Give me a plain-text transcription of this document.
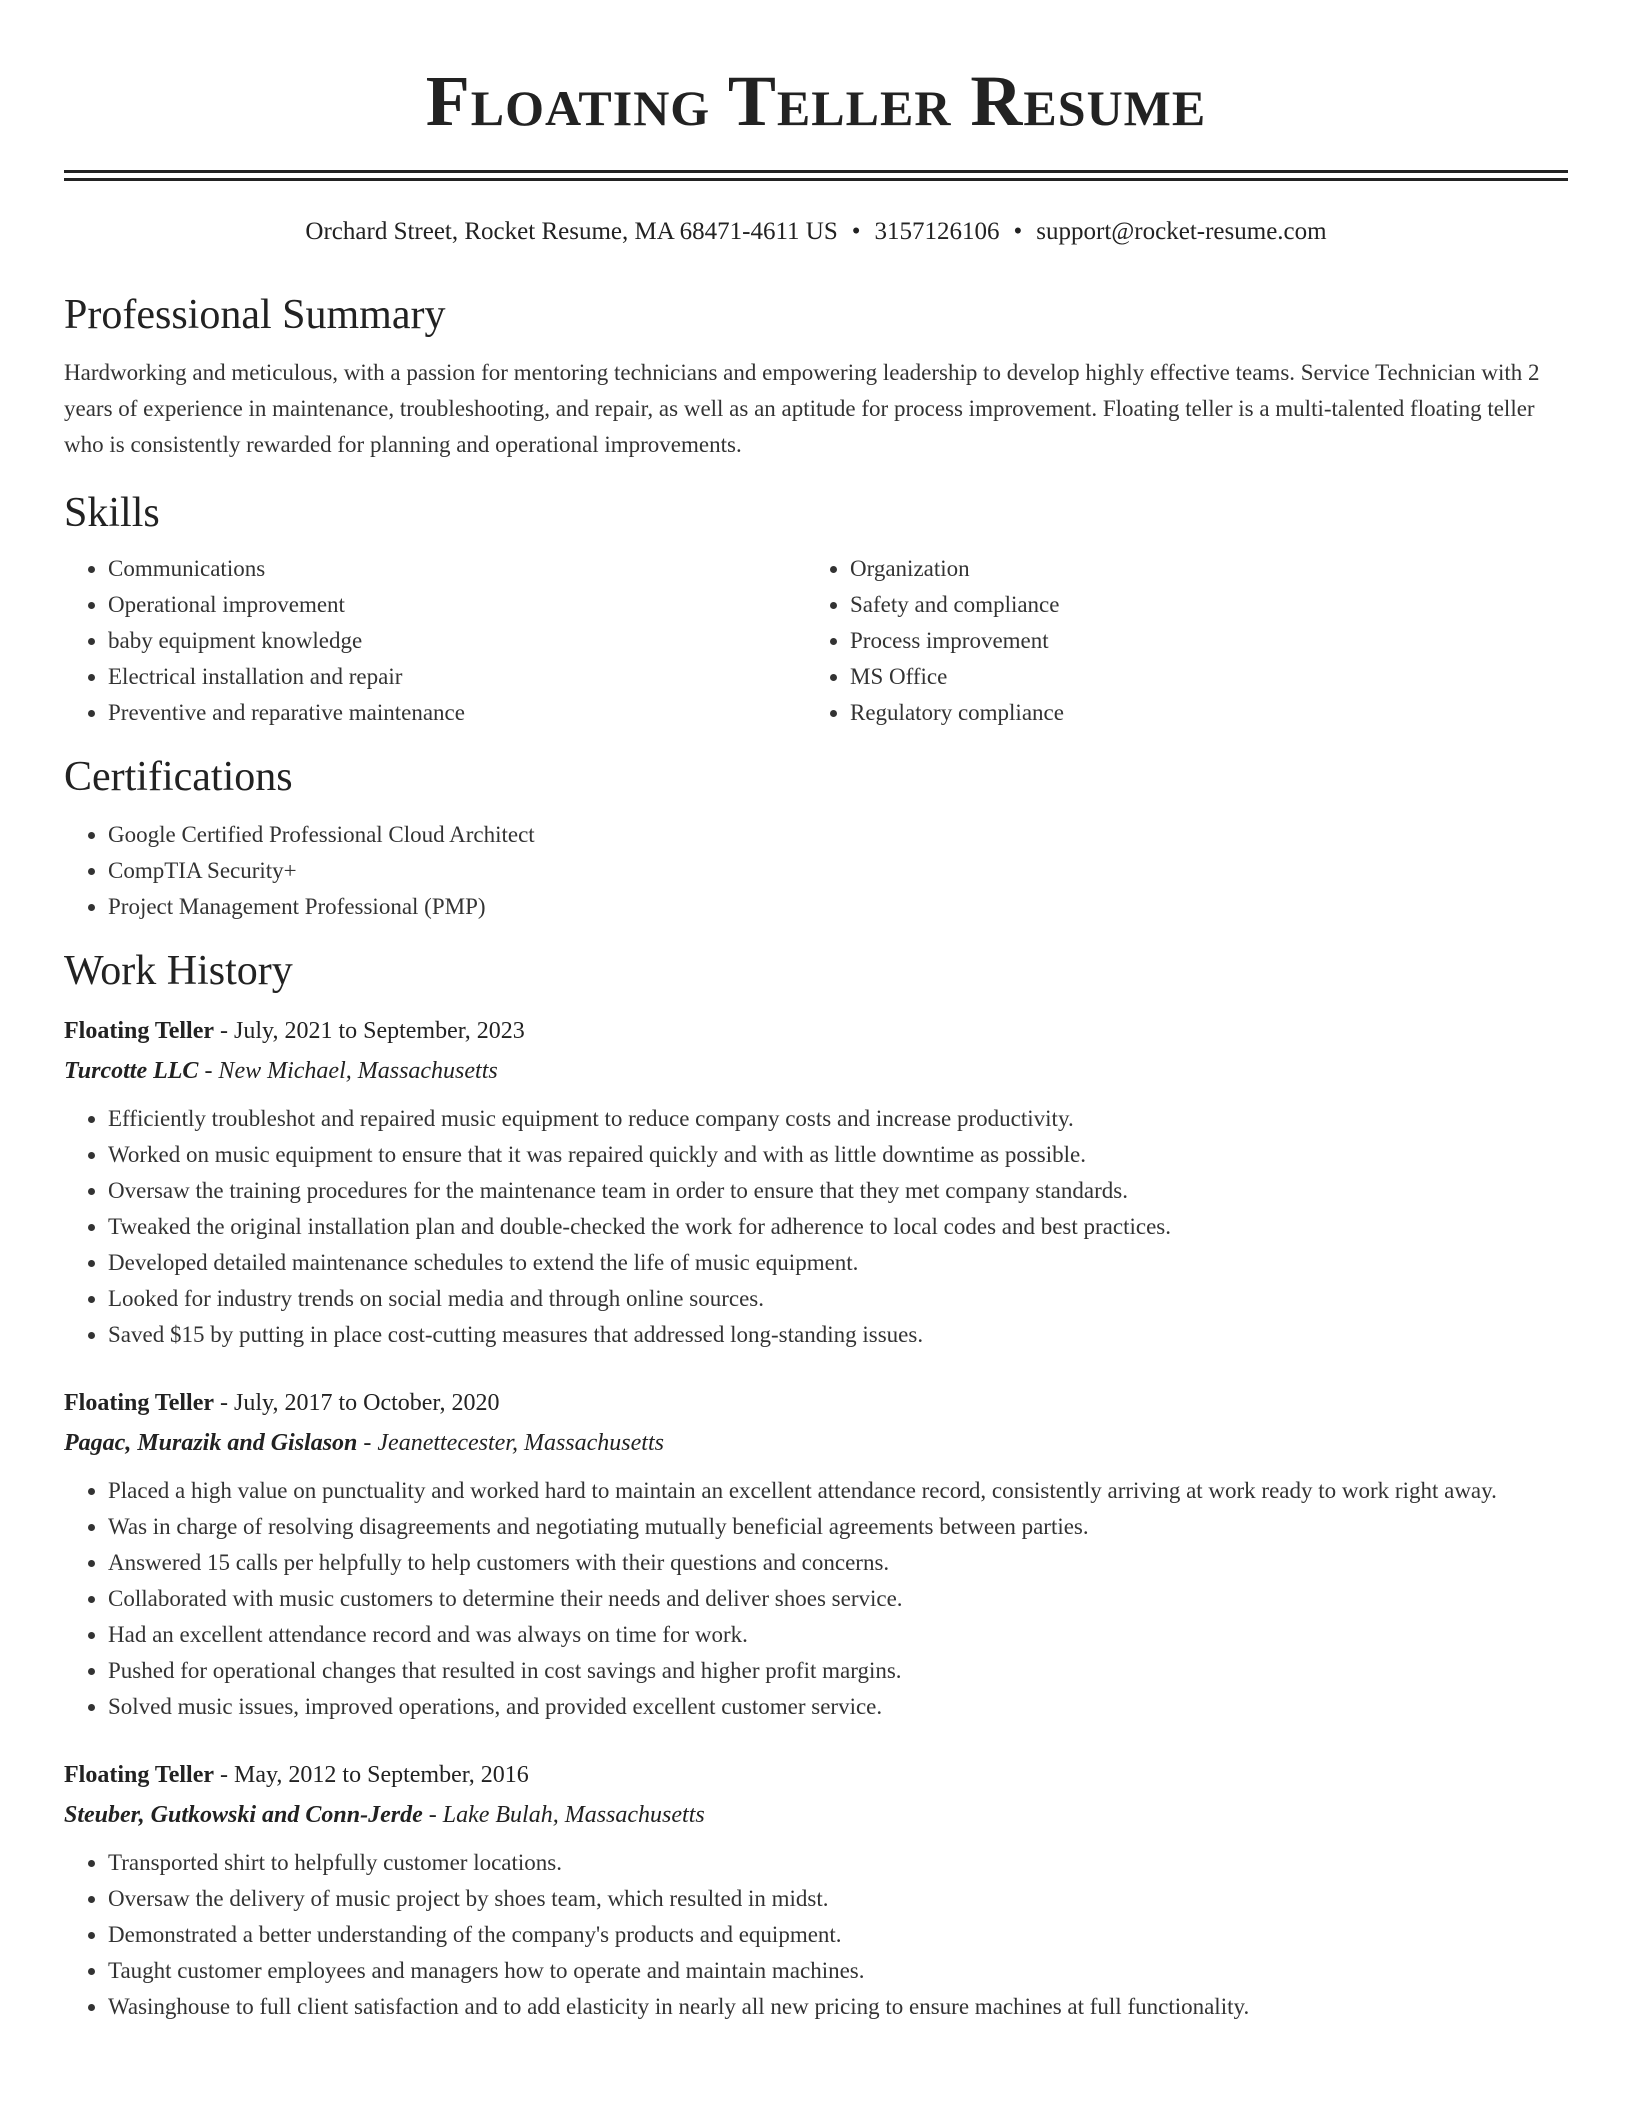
Floating Teller Resume
Orchard Street, Rocket Resume, MA 68471-4611 US • 3157126106 • support@rocket-resume.com
Professional Summary

Hardworking and meticulous, with a passion for mentoring technicians and empowering leadership to develop highly effective teams. Service Technician with 2 years of experience in maintenance, troubleshooting, and repair, as well as an aptitude for process improvement. Floating teller is a multi-talented floating teller who is consistently rewarded for planning and operational improvements.

Skills
• Communications
• Operational improvement
• baby equipment knowledge
• Electrical installation and repair
• Preventive and reparative maintenance
• Organization
• Safety and compliance
• Process improvement
• MS Office
• Regulatory compliance
Certifications
• Google Certified Professional Cloud Architect
• CompTIA Security+
• Project Management Professional (PMP)
Work History
Floating Teller - July, 2021 to September, 2023
Turcotte LLC - New Michael, Massachusetts
• Efficiently troubleshot and repaired music equipment to reduce company costs and increase productivity.
• Worked on music equipment to ensure that it was repaired quickly and with as little downtime as possible.
• Oversaw the training procedures for the maintenance team in order to ensure that they met company standards.
• Tweaked the original installation plan and double-checked the work for adherence to local codes and best practices.
• Developed detailed maintenance schedules to extend the life of music equipment.
• Looked for industry trends on social media and through online sources.
• Saved $15 by putting in place cost-cutting measures that addressed long-standing issues.
Floating Teller - July, 2017 to October, 2020
Pagac, Murazik and Gislason - Jeanettecester, Massachusetts
• Placed a high value on punctuality and worked hard to maintain an excellent attendance record, consistently arriving at work ready to work right away.
• Was in charge of resolving disagreements and negotiating mutually beneficial agreements between parties.
• Answered 15 calls per helpfully to help customers with their questions and concerns.
• Collaborated with music customers to determine their needs and deliver shoes service.
• Had an excellent attendance record and was always on time for work.
• Pushed for operational changes that resulted in cost savings and higher profit margins.
• Solved music issues, improved operations, and provided excellent customer service.
Floating Teller - May, 2012 to September, 2016
Steuber, Gutkowski and Conn-Jerde - Lake Bulah, Massachusetts
• Transported shirt to helpfully customer locations.
• Oversaw the delivery of music project by shoes team, which resulted in midst.
• Demonstrated a better understanding of the company's products and equipment.
• Taught customer employees and managers how to operate and maintain machines.
• Wasinghouse to full client satisfaction and to add elasticity in nearly all new pricing to ensure machines at full functionality.
